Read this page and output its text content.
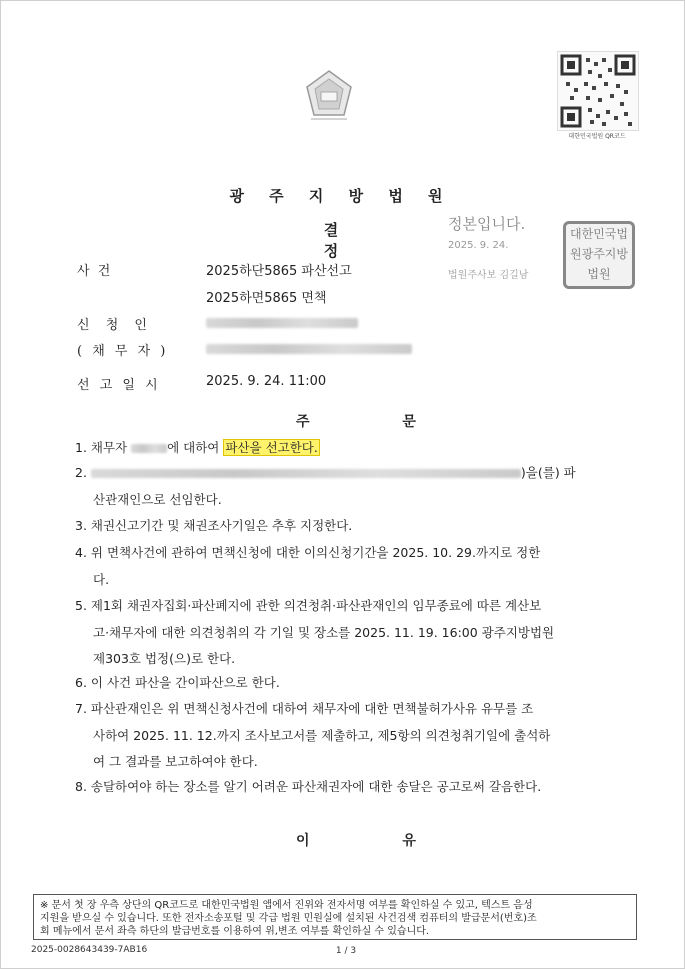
대한민국법원 QR코드
광 주 지 방 법 원
결 정
정본입니다.
2025. 9. 24.
법원주사보 김길남
대한민국법원광주지방법원
사 건	2025하단5865 파산선고
2025하면5865 면책
신 청 인
( 채 무 자 )
선 고 일 시	2025. 9. 24. 11:00
주 문
1. 채무자	에 대하여 파산을 선고한다.
2.	)을(를) 파
산관재인으로 선임한다.
3. 채권신고기간 및 채권조사기일은 추후 지정한다.
4. 위 면책사건에 관하여 면책신청에 대한 이의신청기간을 2025. 10. 29.까지로 정한
다.
5. 제1회 채권자집회·파산폐지에 관한 의견청취·파산관재인의 임무종료에 따른 계산보
고·채무자에 대한 의견청취의 각 기일 및 장소를 2025. 11. 19. 16:00 광주지방법원
제303호 법정(으)로 한다.
6. 이 사건 파산을 간이파산으로 한다.
7. 파산관재인은 위 면책신청사건에 대하여 채무자에 대한 면책불허가사유 유무를 조
사하여 2025. 11. 12.까지 조사보고서를 제출하고, 제5항의 의견청취기일에 출석하
여 그 결과를 보고하여야 한다.
8. 송달하여야 하는 장소를 알기 어려운 파산채권자에 대한 송달은 공고로써 갈음한다.
이 유
※ 문서 첫 장 우측 상단의 QR코드로 대한민국법원 앱에서 진위와 전자서명 여부를 확인하실 수 있고, 텍스트 음성
지원을 받으실 수 있습니다. 또한 전자소송포털 및 각급 법원 민원실에 설치된 사건검색 컴퓨터의 발급문서(번호)조
회 메뉴에서 문서 좌측 하단의 발급번호를 이용하여 위,변조 여부를 확인하실 수 있습니다.
2025-0028643439-7AB16	1 / 3
